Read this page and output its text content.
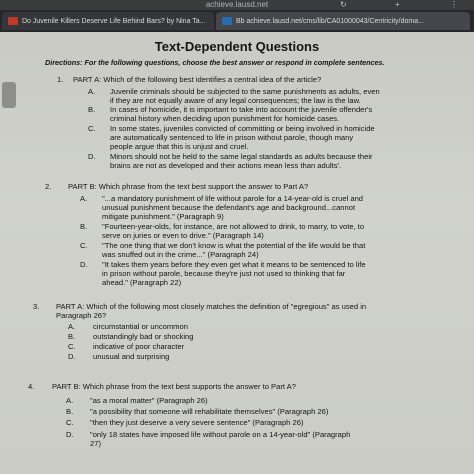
achieve.lausd.net	↻	+	⋮
Do Juvenile Killers Deserve Life Behind Bars? by Nina Ta...	Bb achieve.lausd.net/cms/lib/CA01000043/Centricity/doma...
Text-Dependent Questions
Directions: For the following questions, choose the best answer or respond in complete sentences.
1. PART A: Which of the following best identifies a central idea of the article?
A. Juvenile criminals should be subjected to the same punishments as adults, even
if they are not equally aware of any legal consequences; the law is the law.
B. In cases of homicide, it is important to take into account the juvenile offender's
criminal history when deciding upon punishment for homicide cases.
C. In some states, juveniles convicted of committing or being involved in homicide
are automatically sentenced to life in prison without parole, though many
people argue that this is unjust and cruel.
D. Minors should not be held to the same legal standards as adults because their
brains are not as developed and their actions mean less than adults'.
2. PART B: Which phrase from the text best support the answer to Part A?
A. "...a mandatory punishment of life without parole for a 14-year-old is cruel and
unusual punishment because the defendant's age and background...cannot
mitigate punishment." (Paragraph 9)
B. "Fourteen-year-olds, for instance, are not allowed to drink, to marry, to vote, to
serve on juries or even to drive." (Paragraph 14)
C. "The one thing that we don't know is what the potential of the life would be that
was snuffed out in the crime..." (Paragraph 24)
D. "It takes them years before they even get what it means to be sentenced to life
in prison without parole, because they're just not used to thinking that far
ahead." (Paragraph 22)
3. PART A: Which of the following most closely matches the definition of "egregious" as used in
Paragraph 26?
A. circumstantial or uncommon
B. outstandingly bad or shocking
C. indicative of poor character
D. unusual and surprising
4. PART B: Which phrase from the text best supports the answer to Part A?
A. "as a moral matter" (Paragraph 26)
B. "a possibility that someone will rehabilitate themselves" (Paragraph 26)
C. "then they just deserve a very severe sentence" (Paragraph 26)
D. "only 18 states have imposed life without parole on a 14-year-old" (Paragraph
27)
